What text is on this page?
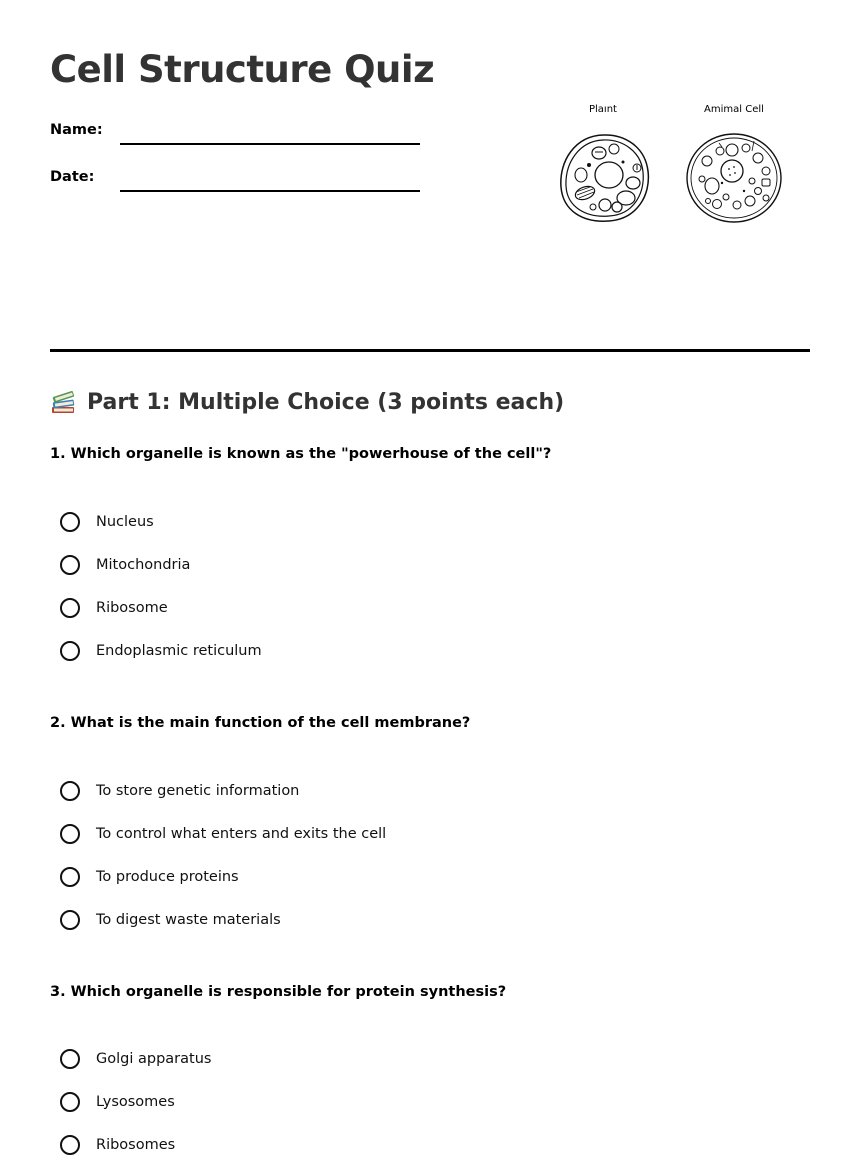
Cell Structure Quiz
Name:
Date:
Plaınt	Amimal Cell
Part 1: Multiple Choice (3 points each)

1. Which organelle is known as the "powerhouse of the cell"?

Nucleus
Mitochondria
Ribosome
Endoplasmic reticulum

2. What is the main function of the cell membrane?

To store genetic information
To control what enters and exits the cell
To produce proteins
To digest waste materials

3. Which organelle is responsible for protein synthesis?

Golgi apparatus
Lysosomes
Ribosomes
